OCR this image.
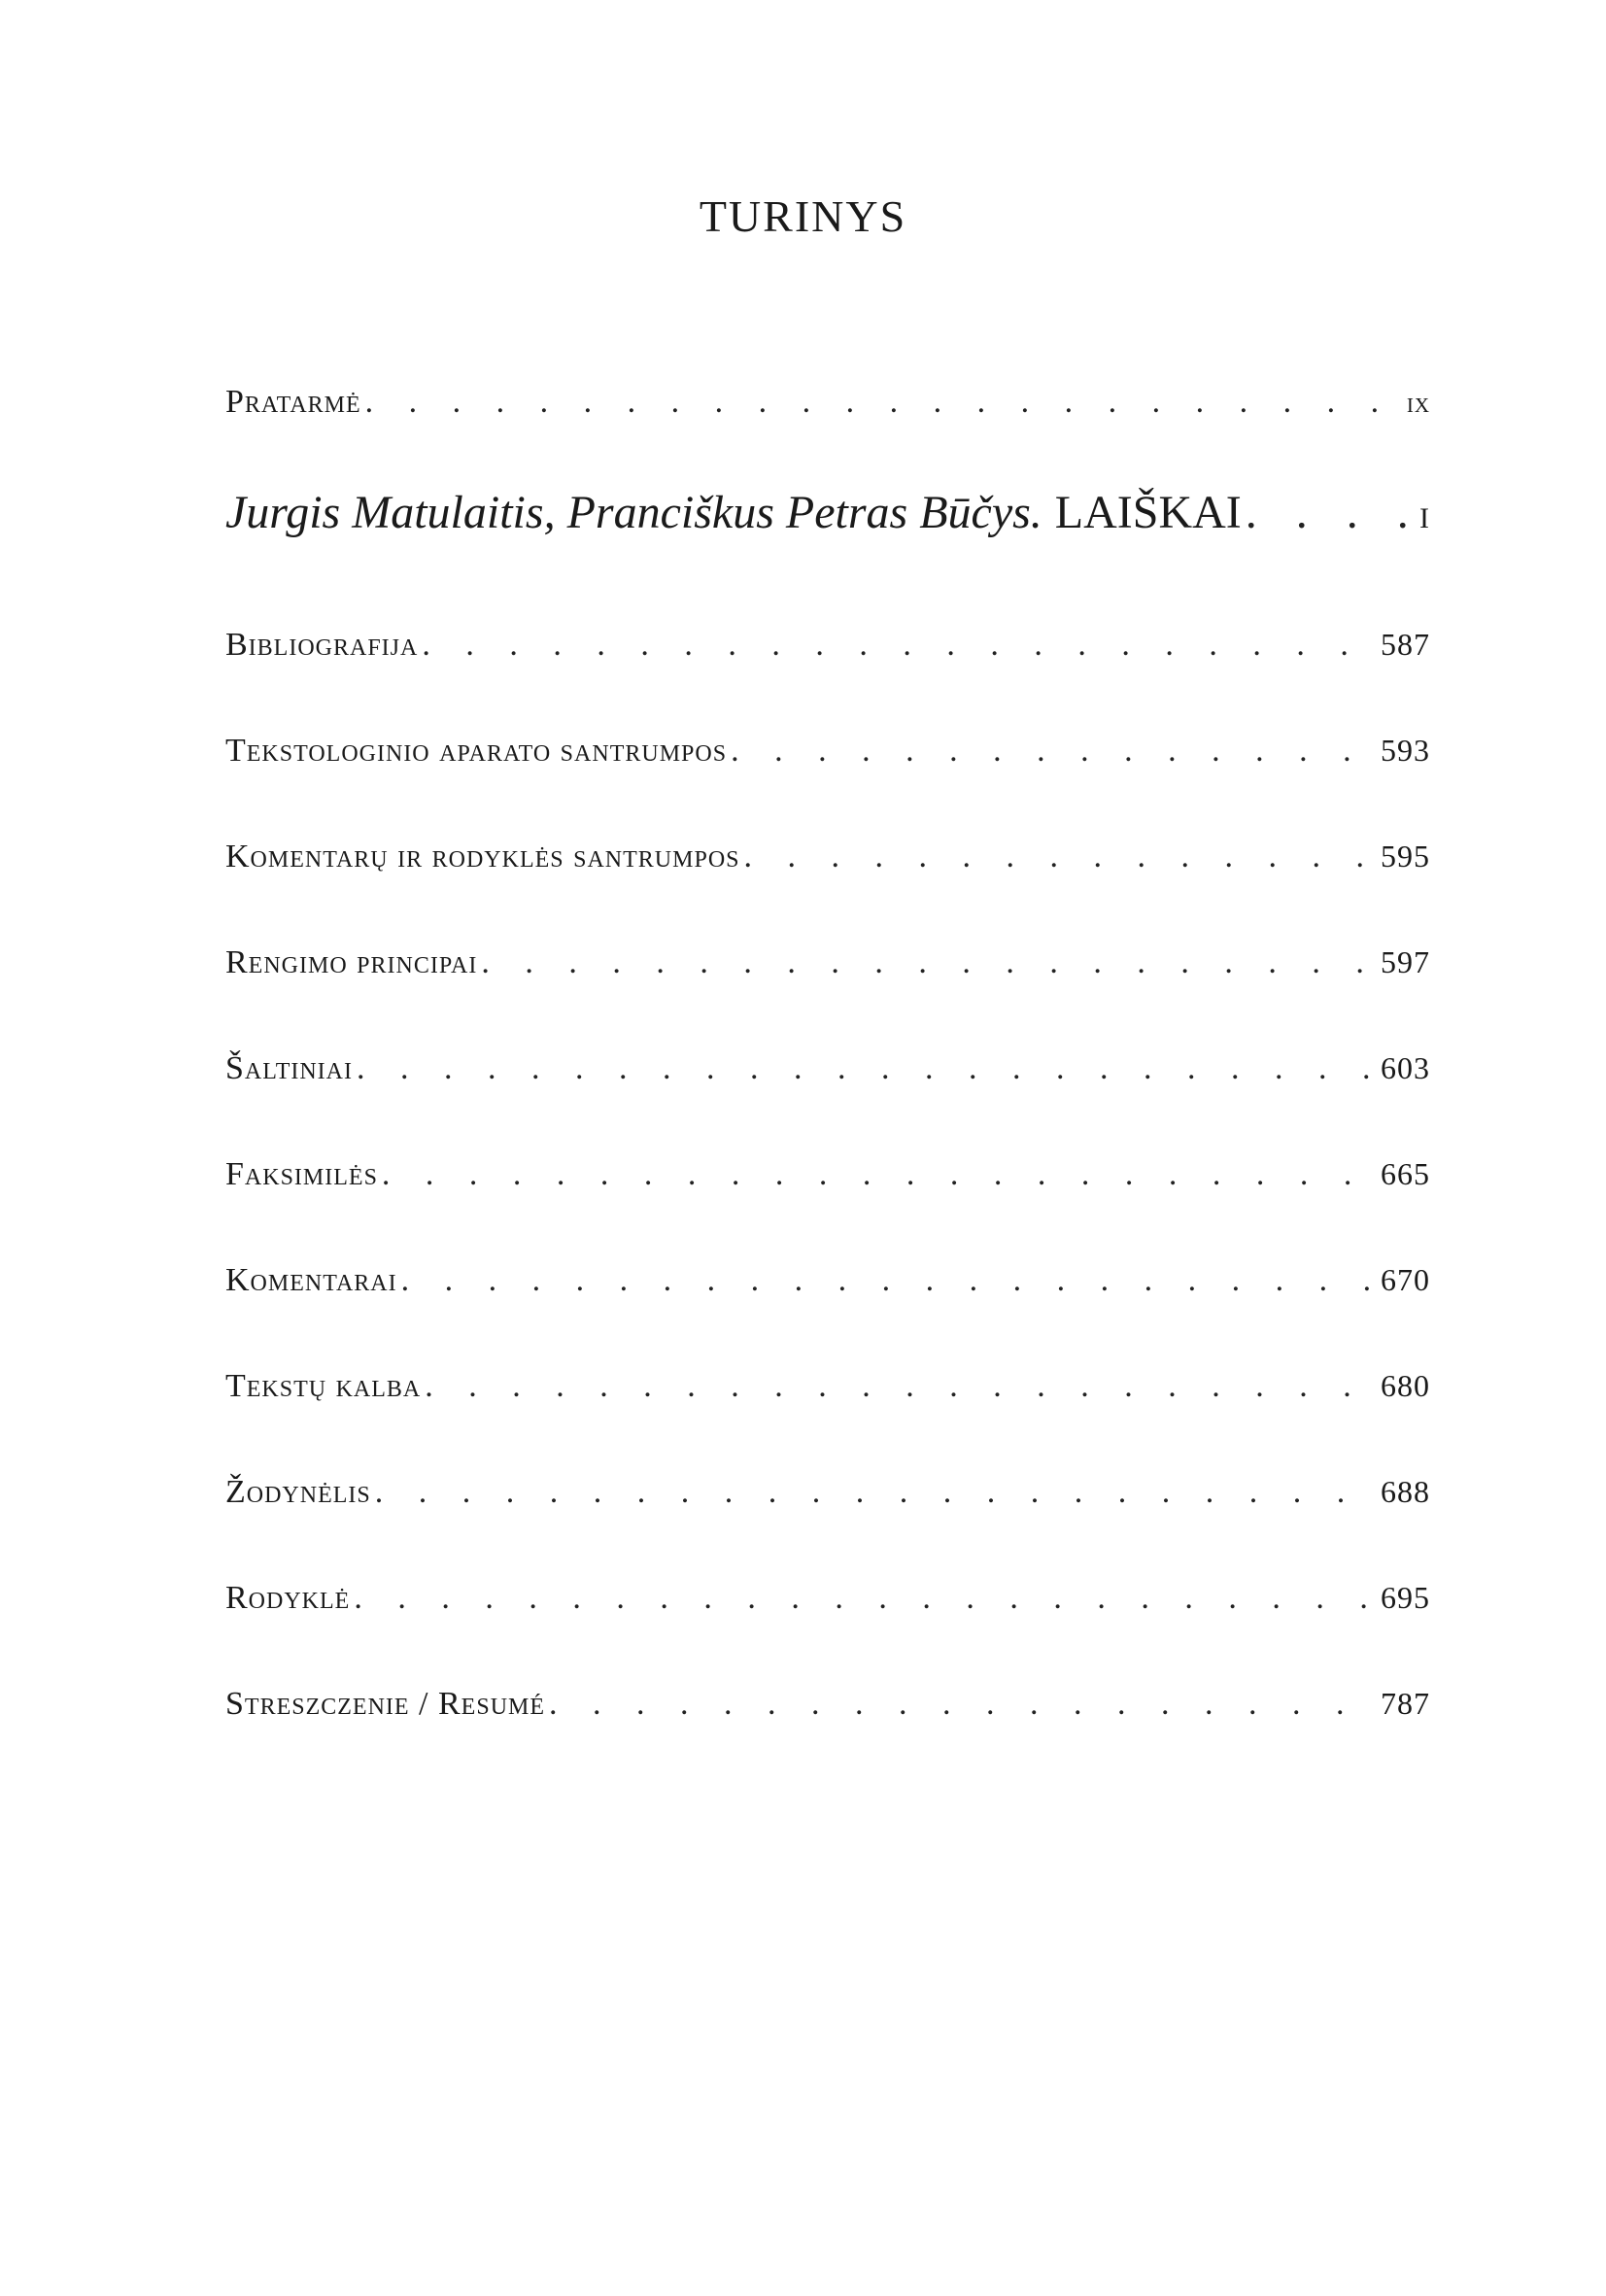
TURINYS
Pratarmė . . .	ix
Jurgis Matulaitis, Pranciškus Petras Būčys. LAIŠKAI . . .	I
Bibliografija . . .	587
Tekstologinio aparato santrumpos . . .	593
Komentarų ir rodyklės santrumpos . . .	595
Rengimo principai . . .	597
Šaltiniai . . .	603
Faksimilės . . .	665
Komentarai . . .	670
Tekstų kalba . . .	680
Žodynėlis . . .	688
Rodyklė . . .	695
Streszczenie / Resumé . . .	787
